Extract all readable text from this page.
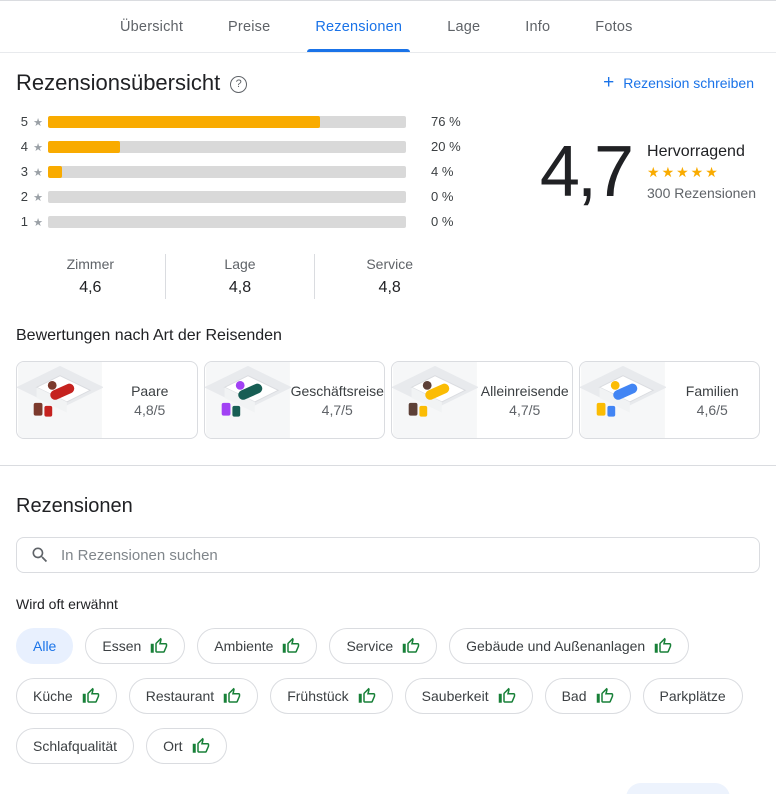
Übersicht	Preise	Rezensionen	Lage	Info	Fotos
Rezensionsübersicht	?	+ Rezension schreiben
5 ★	76 %
4 ★	20 %
3 ★	4 %
2 ★	0 %
1 ★	0 %
4,7 Hervorragend
★★★★★
300 Rezensionen
Zimmer
4,6
Lage
4,8
Service
4,8
Bewertungen nach Art der Reisenden
Paare
4,8/5
Geschäftsreise
4,7/5
Alleinreisende
4,7/5
Familien
4,6/5
Rezensionen
In Rezensionen suchen
Wird oft erwähnt
Alle	Essen	Ambiente	Service	Gebäude und Außenanlagen
Küche	Restaurant	Frühstück	Sauberkeit	Bad	Parkplätze
Schlafqualität	Ort
